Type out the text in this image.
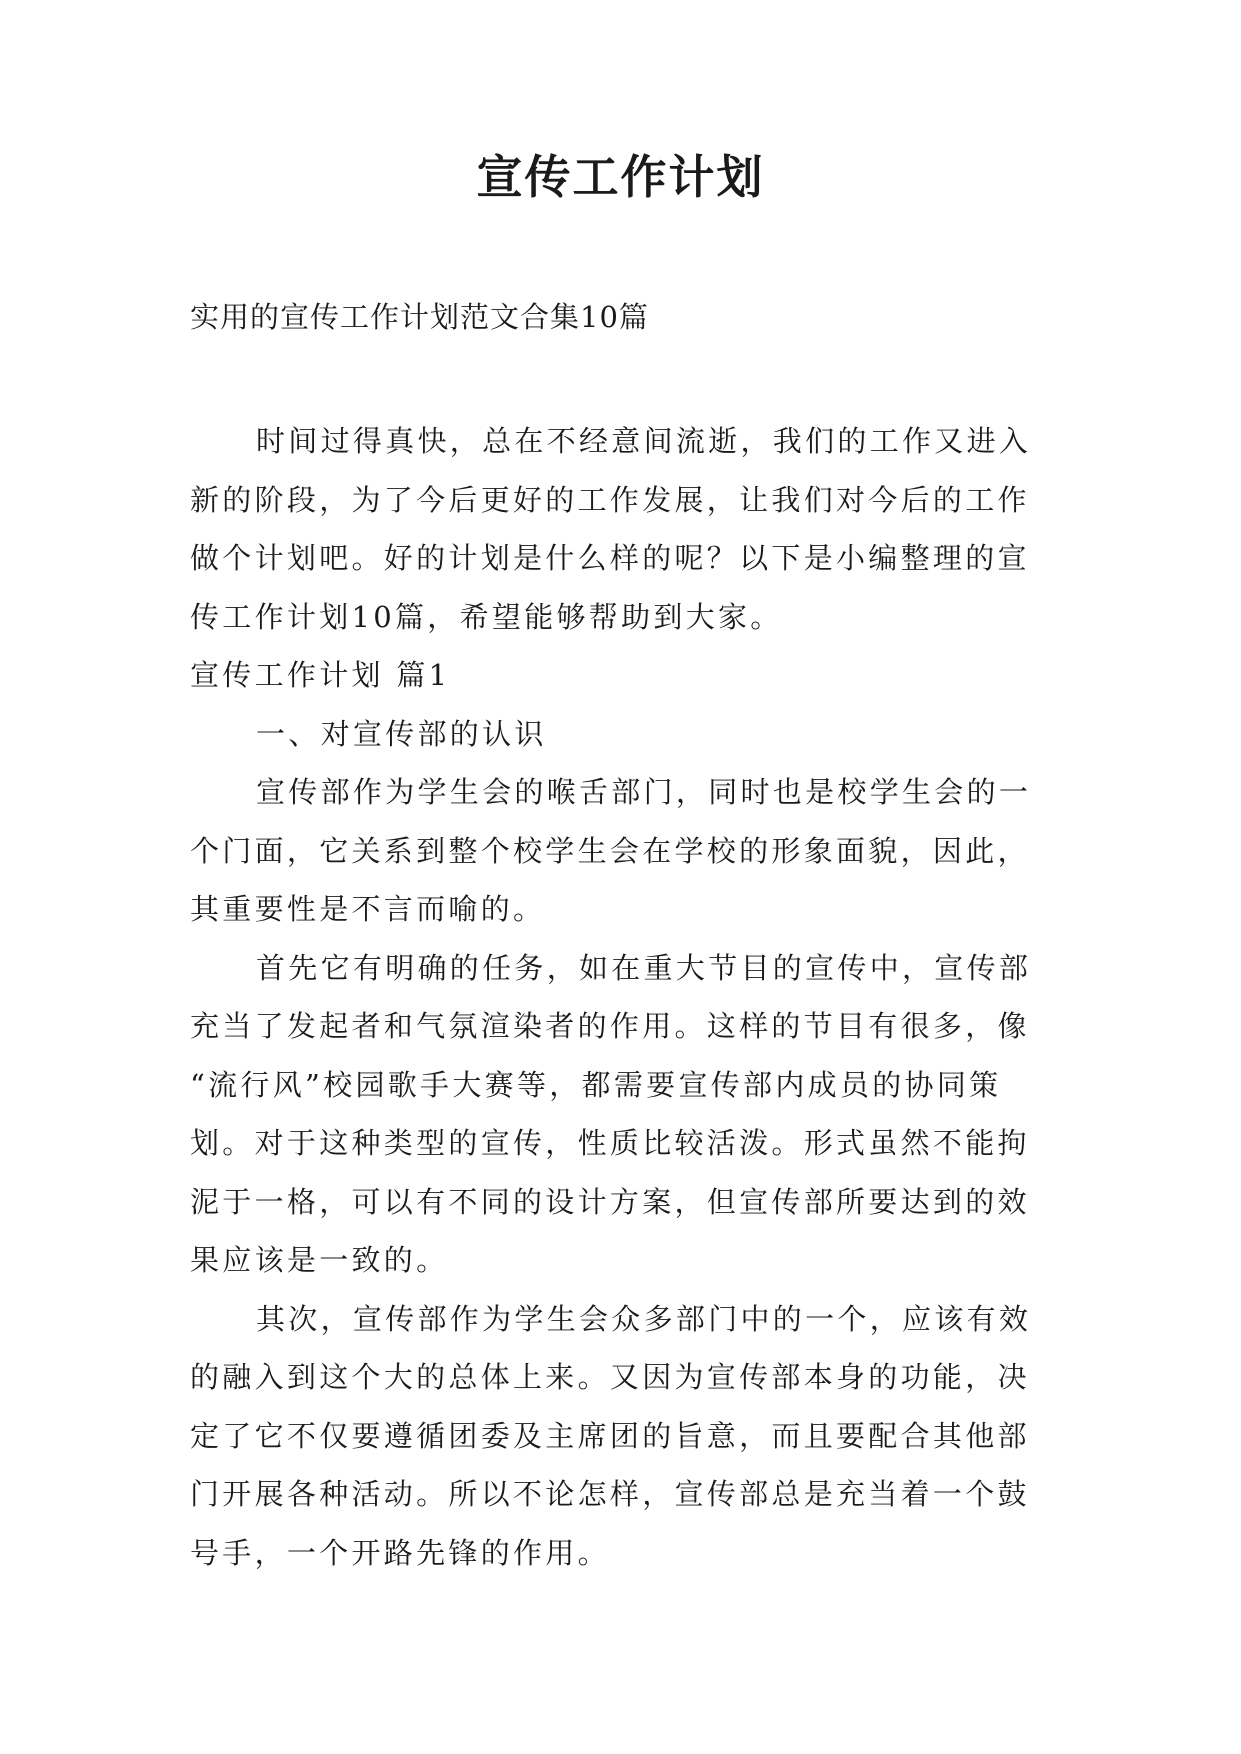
宣传工作计划
实用的宣传工作计划范文合集10篇
时间过得真快，总在不经意间流逝，我们的工作又进入
新的阶段，为了今后更好的工作发展，让我们对今后的工作
做个计划吧。好的计划是什么样的呢？以下是小编整理的宣
传工作计划10篇，希望能够帮助到大家。
宣传工作计划 篇1
一、对宣传部的认识
宣传部作为学生会的喉舌部门，同时也是校学生会的一
个门面，它关系到整个校学生会在学校的形象面貌，因此，
其重要性是不言而喻的。
首先它有明确的任务，如在重大节目的宣传中，宣传部
充当了发起者和气氛渲染者的作用。这样的节目有很多，像
“流行风”校园歌手大赛等，都需要宣传部内成员的协同策
划。对于这种类型的宣传，性质比较活泼。形式虽然不能拘
泥于一格，可以有不同的设计方案，但宣传部所要达到的效
果应该是一致的。
其次，宣传部作为学生会众多部门中的一个，应该有效
的融入到这个大的总体上来。又因为宣传部本身的功能，决
定了它不仅要遵循团委及主席团的旨意，而且要配合其他部
门开展各种活动。所以不论怎样，宣传部总是充当着一个鼓
号手，一个开路先锋的作用。
